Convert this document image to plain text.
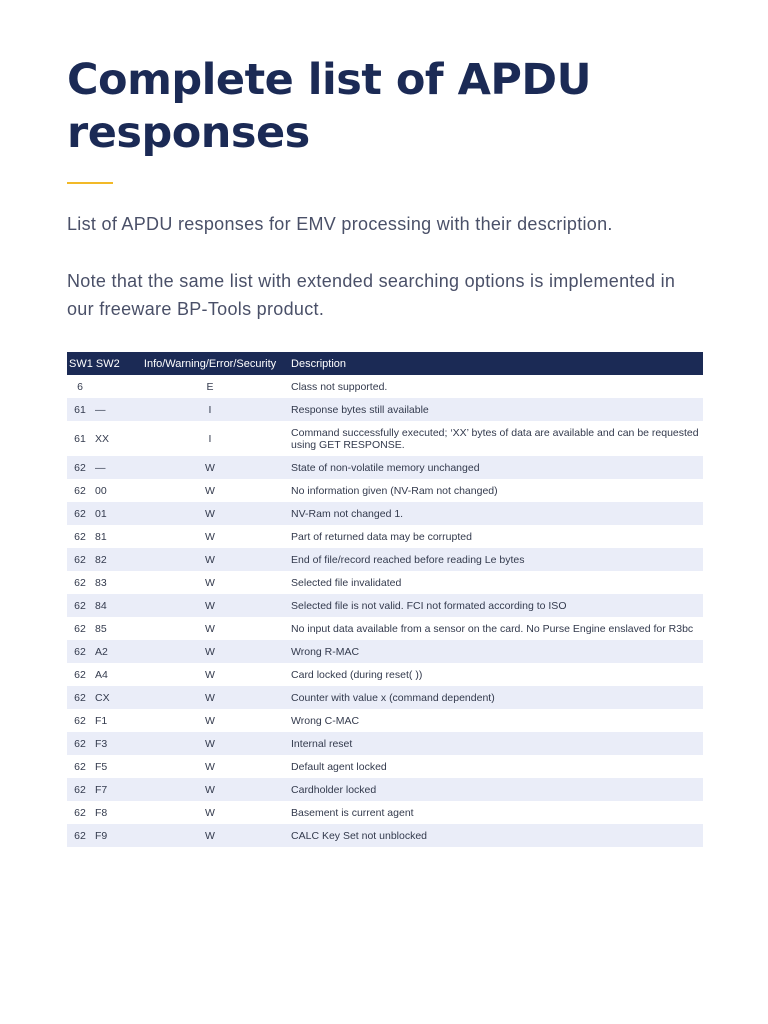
Complete list of APDU responses

List of APDU responses for EMV processing with their description.

Note that the same list with extended searching options is implemented in our freeware BP-Tools product.

SW1 SW2		Info/Warning/Error/Security	Description
6		E	Class not supported.
61	—	I	Response bytes still available
61	XX	I	Command successfully executed; ‘XX’ bytes of data are available and can be requested using GET RESPONSE.
62	—	W	State of non-volatile memory unchanged
62	00	W	No information given (NV-Ram not changed)
62	01	W	NV-Ram not changed 1.
62	81	W	Part of returned data may be corrupted
62	82	W	End of file/record reached before reading Le bytes
62	83	W	Selected file invalidated
62	84	W	Selected file is not valid. FCI not formated according to ISO
62	85	W	No input data available from a sensor on the card. No Purse Engine enslaved for R3bc
62	A2	W	Wrong R-MAC
62	A4	W	Card locked (during reset( ))
62	CX	W	Counter with value x (command dependent)
62	F1	W	Wrong C-MAC
62	F3	W	Internal reset
62	F5	W	Default agent locked
62	F7	W	Cardholder locked
62	F8	W	Basement is current agent
62	F9	W	CALC Key Set not unblocked
